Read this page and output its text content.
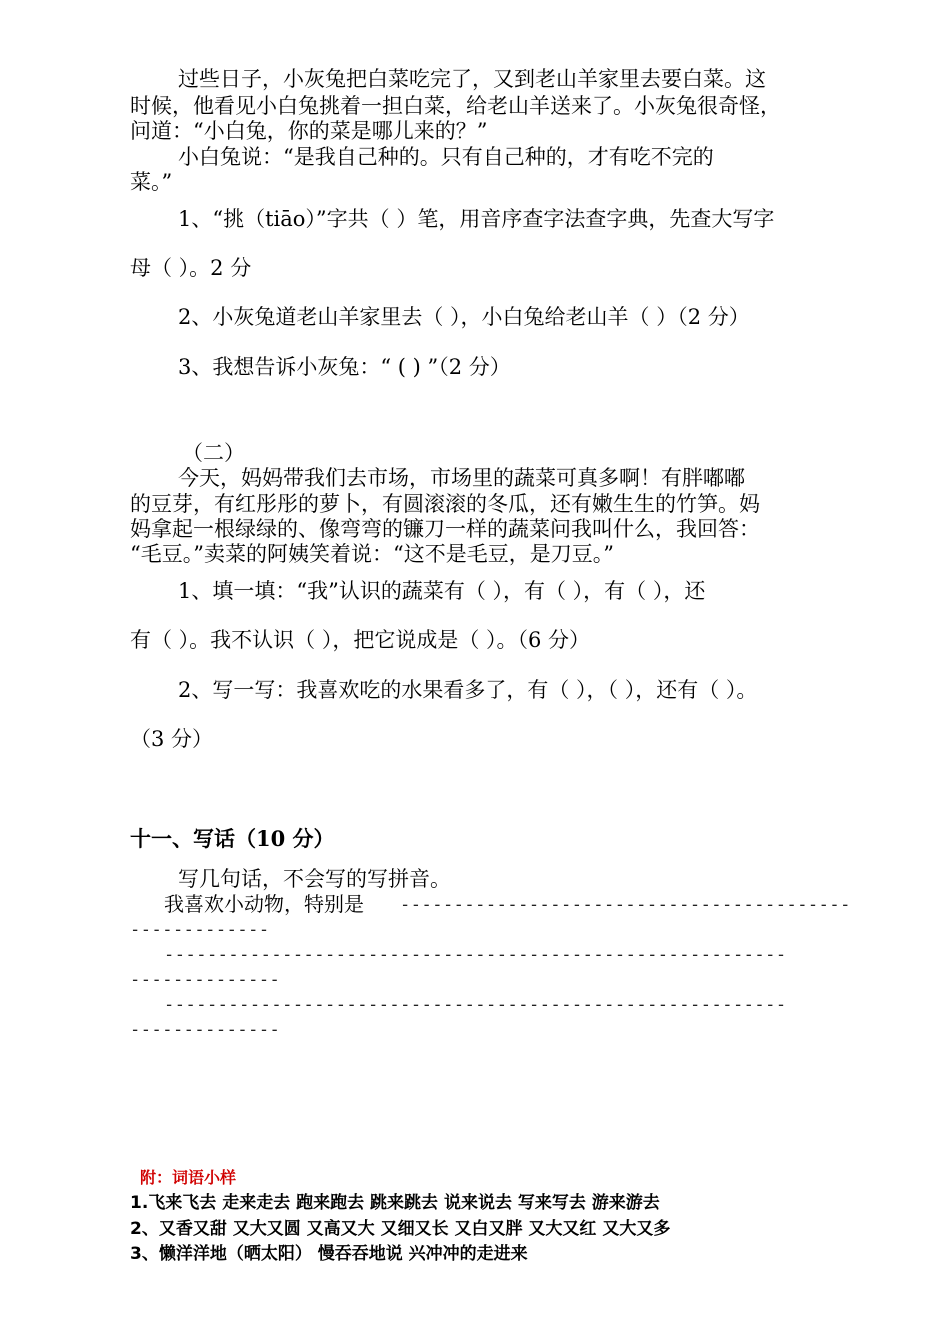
过些日子，小灰兔把白菜吃完了，又到老山羊家里去要白菜。这
时候，他看见小白兔挑着一担白菜，给老山羊送来了。小灰兔很奇怪，
问道：“小白兔，你的菜是哪儿来的？”
小白兔说：“是我自己种的。只有自己种的，才有吃不完的
菜。”
1、“挑（tiāo）”字共（ ）笔，用音序查字法查字典，先查大写字
母（ ）。2 分
2、小灰兔道老山羊家里去（ ），小白兔给老山羊（ ）（2 分）
3、我想告诉小灰兔：“ ( ) ”（2 分）
（二）
今天，妈妈带我们去市场，市场里的蔬菜可真多啊！有胖嘟嘟
的豆芽，有红彤彤的萝卜，有圆滚滚的冬瓜，还有嫩生生的竹笋。妈
妈拿起一根绿绿的、像弯弯的镰刀一样的蔬菜问我叫什么，我回答：
“毛豆。”卖菜的阿姨笑着说：“这不是毛豆，是刀豆。”
1、填一填：“我”认识的蔬菜有（ ），有（ ），有（ ），还
有（ ）。我不认识（ ），把它说成是（ ）。（6 分）
2、写一写：我喜欢吃的水果看多了，有（ ），（ ），还有（ ）。
（3 分）
十一、写话（10 分）
写几句话，不会写的写拼音。
我喜欢小动物，特别是 ------------------------------------------
-------------
----------------------------------------------------------
--------------
----------------------------------------------------------
--------------
附：词语小样
1.飞来飞去 走来走去 跑来跑去 跳来跳去 说来说去 写来写去 游来游去
2、又香又甜 又大又圆 又高又大 又细又长 又白又胖 又大又红 又大又多
3、懒洋洋地（晒太阳） 慢吞吞地说 兴冲冲的走进来
